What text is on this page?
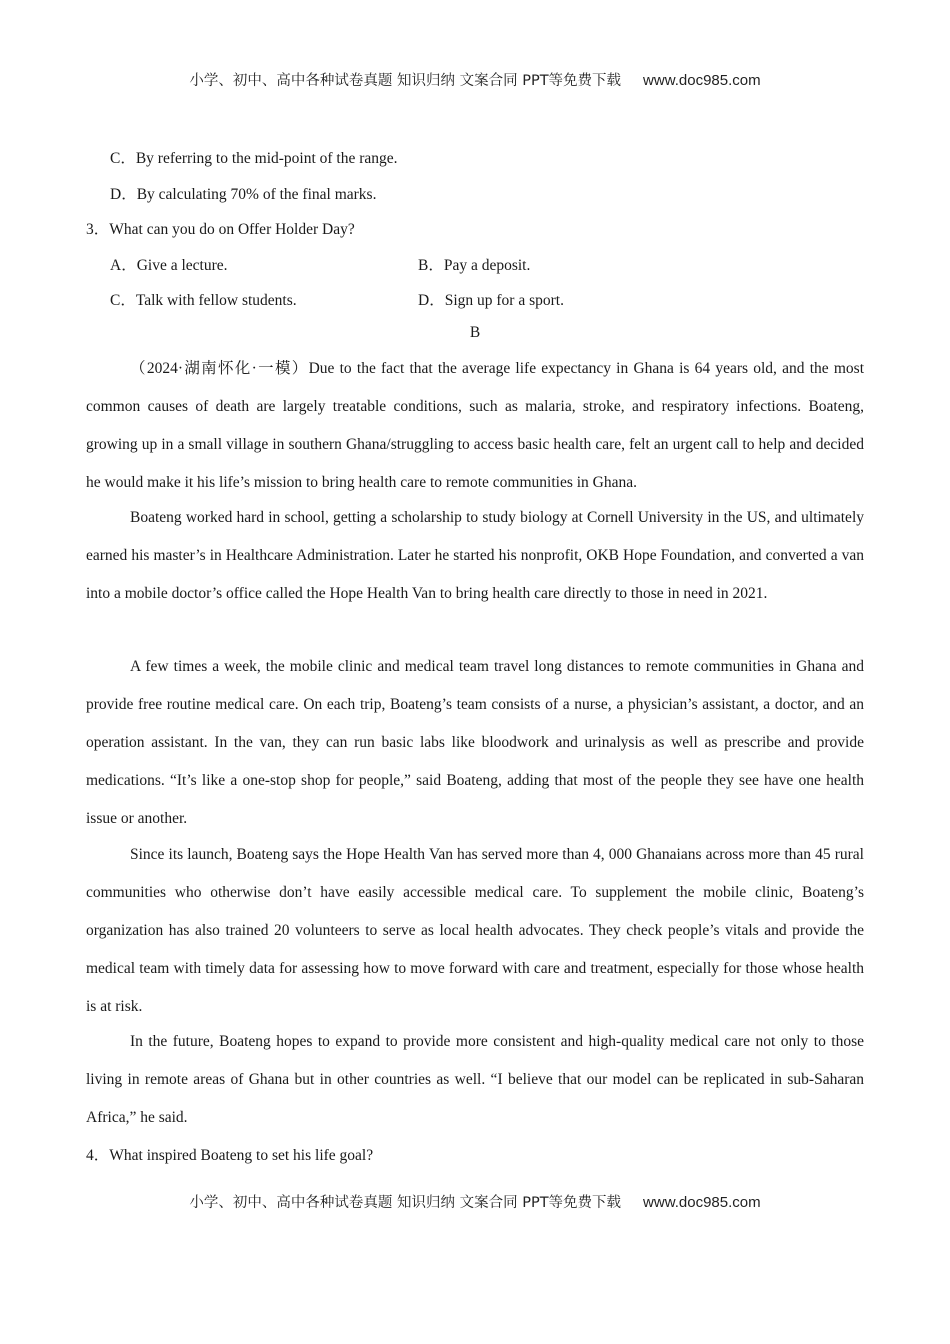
小学、初中、高中各种试卷真题 知识归纳 文案合同 PPT等免费下载 www.doc985.com
C．By referring to the mid-point of the range.
D．By calculating 70% of the final marks.
3．What can you do on Offer Holder Day?
A．Give a lecture.	B．Pay a deposit.
C．Talk with fellow students.	D．Sign up for a sport.
B

（2024·湖南怀化·一模）Due to the fact that the average life expectancy in Ghana is 64 years old, and the most common causes of death are largely treatable conditions, such as malaria, stroke, and respiratory infections. Boateng, growing up in a small village in southern Ghana/struggling to access basic health care, felt an urgent call to help and decided he would make it his life’s mission to bring health care to remote communities in Ghana.

Boateng worked hard in school, getting a scholarship to study biology at Cornell University in the US, and ultimately earned his master’s in Healthcare Administration. Later he started his nonprofit, OKB Hope Foundation, and converted a van into a mobile doctor’s office called the Hope Health Van to bring health care directly to those in need in 2021.

A few times a week, the mobile clinic and medical team travel long distances to remote communities in Ghana and provide free routine medical care. On each trip, Boateng’s team consists of a nurse, a physician’s assistant, a doctor, and an operation assistant. In the van, they can run basic labs like bloodwork and urinalysis as well as prescribe and provide medications. “It’s like a one-stop shop for people,” said Boateng, adding that most of the people they see have one health issue or another.

Since its launch, Boateng says the Hope Health Van has served more than 4, 000 Ghanaians across more than 45 rural communities who otherwise don’t have easily accessible medical care. To supplement the mobile clinic, Boateng’s organization has also trained 20 volunteers to serve as local health advocates. They check people’s vitals and provide the medical team with timely data for assessing how to move forward with care and treatment, especially for those whose health is at risk.

In the future, Boateng hopes to expand to provide more consistent and high-quality medical care not only to those living in remote areas of Ghana but in other countries as well. “I believe that our model can be replicated in sub-Saharan Africa,” he said.

4．What inspired Boateng to set his life goal?
小学、初中、高中各种试卷真题 知识归纳 文案合同 PPT等免费下载 www.doc985.com
